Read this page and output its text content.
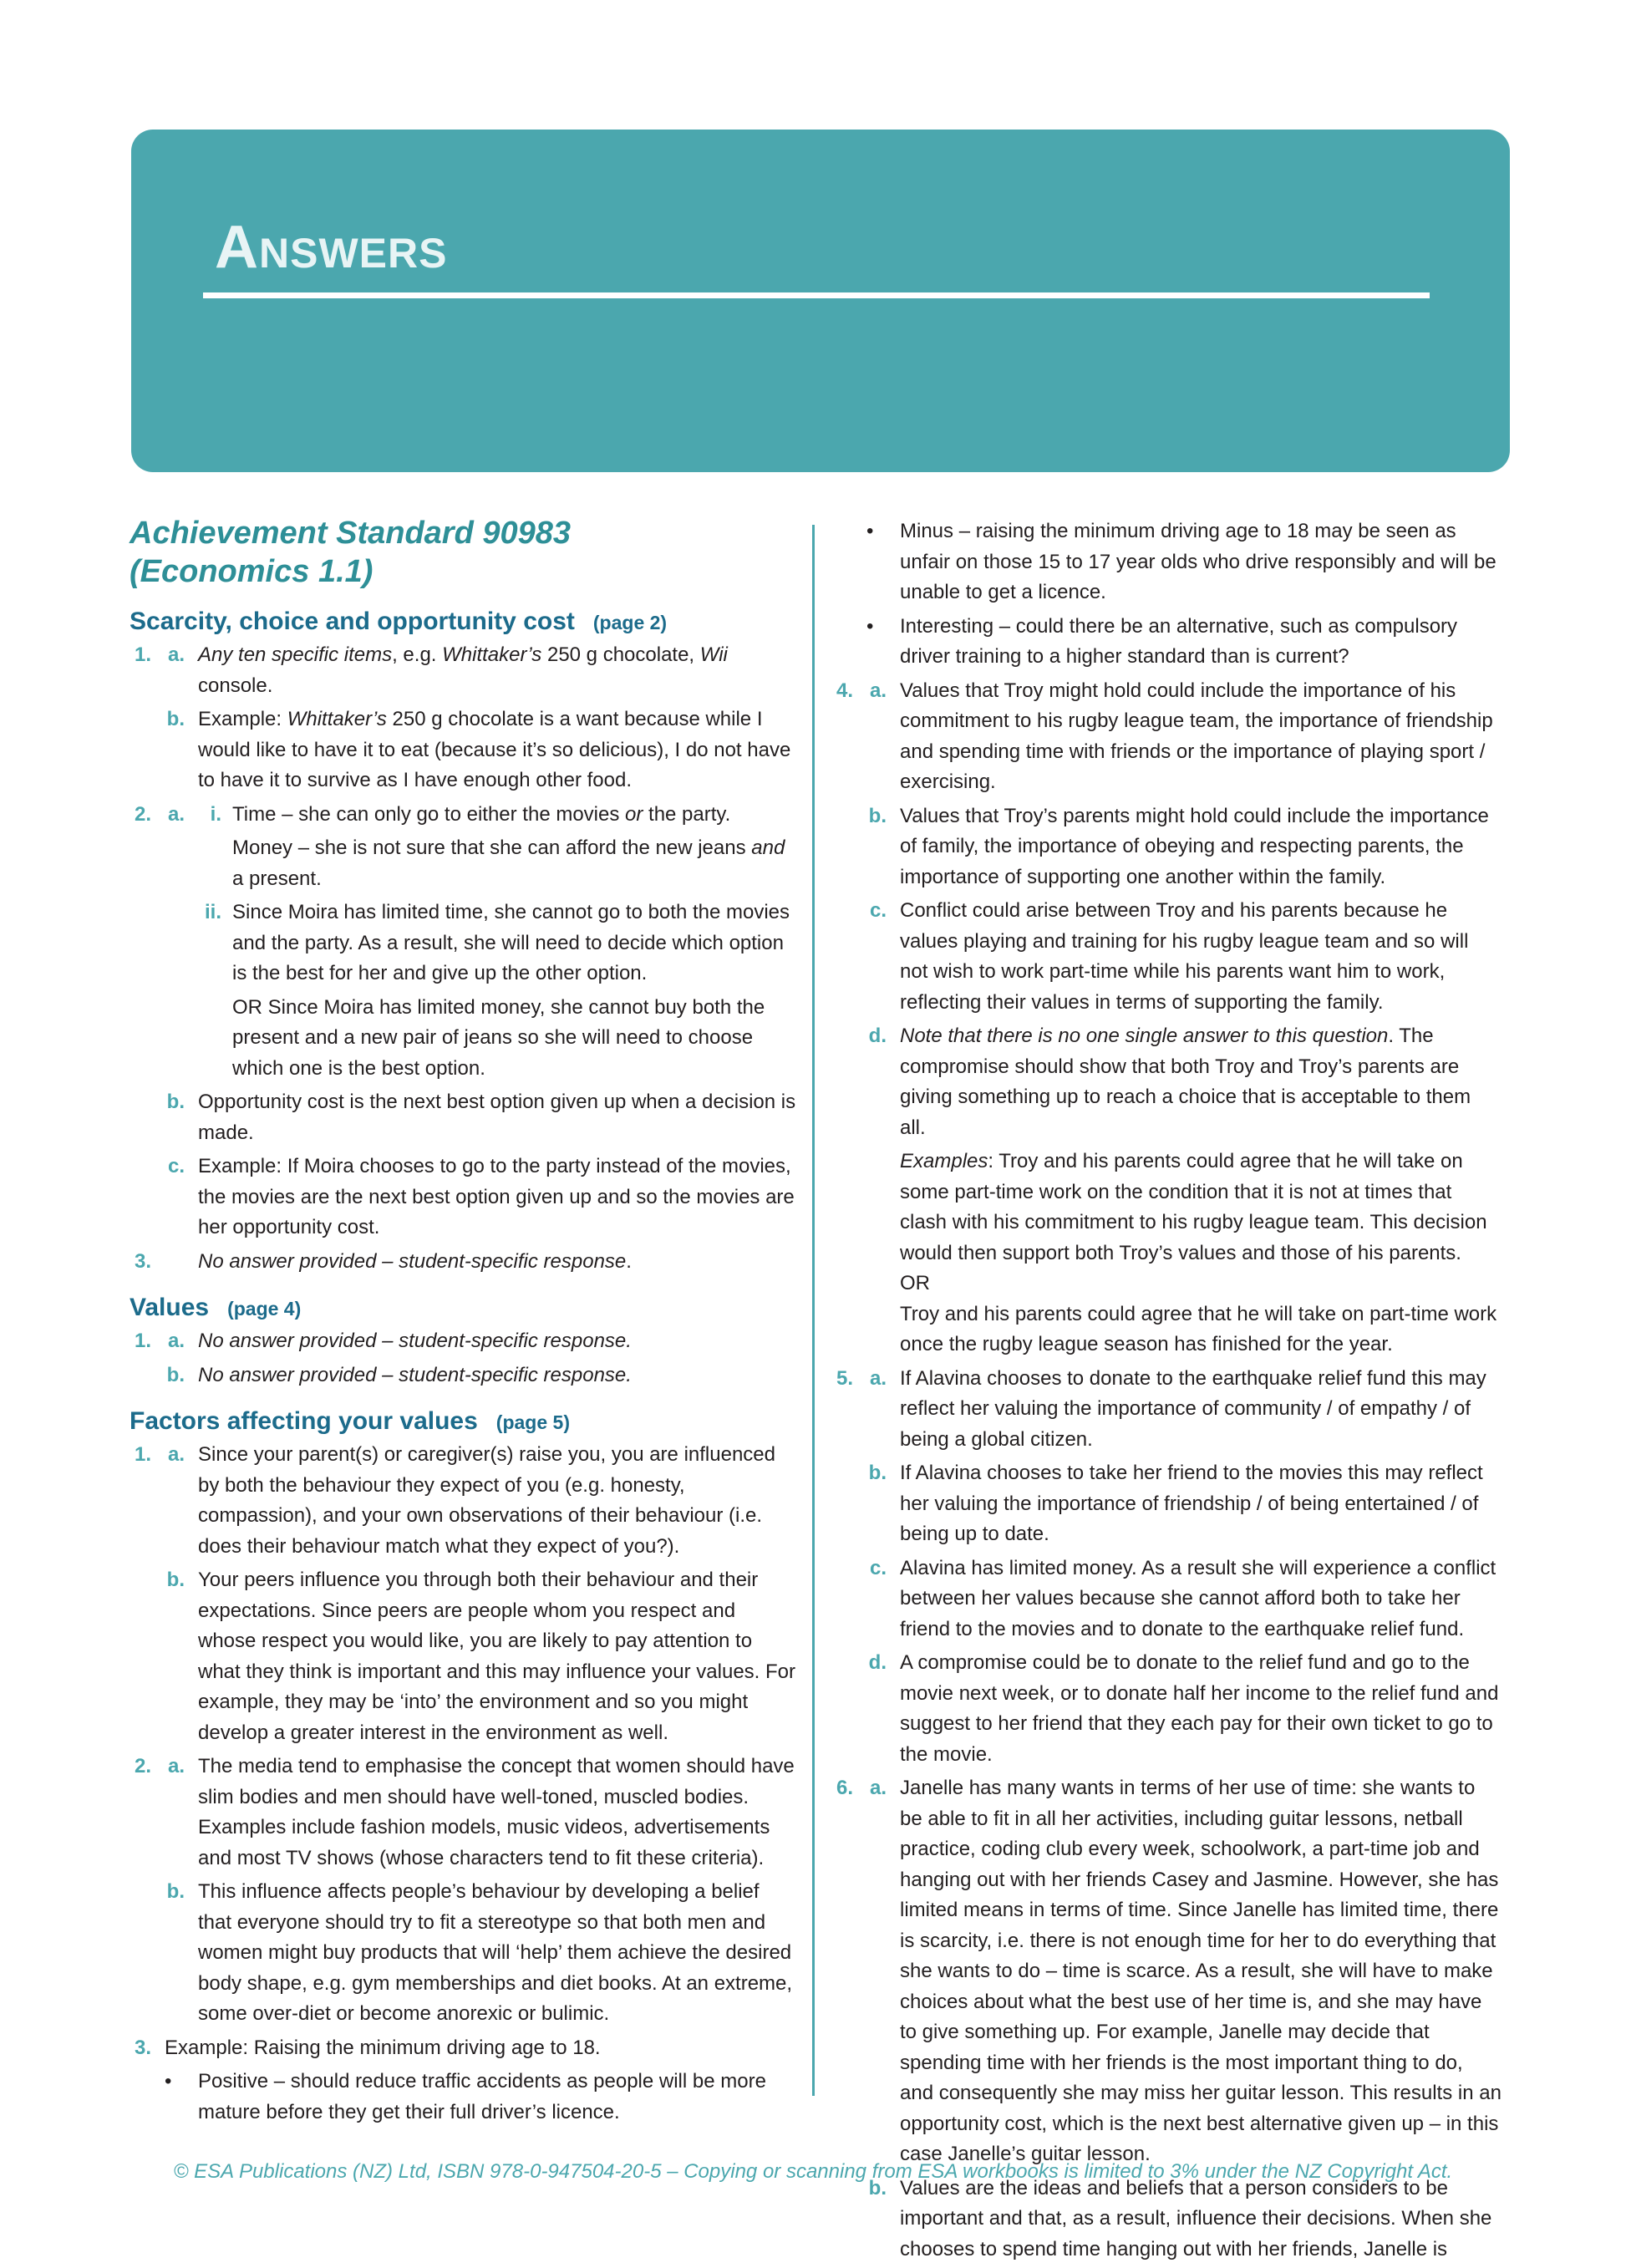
Answers
Achievement Standard 90983
(Economics 1.1)
Scarcity, choice and opportunity cost (page 2)
1. a. Any ten specific items, e.g. Whittaker’s 250 g chocolate, Wii console.
b. Example: Whittaker’s 250 g chocolate is a want because while I would like to have it to eat (because it’s so delicious), I do not have to have it to survive as I have enough other food.
2. a.	i. Time – she can only go to either the movies or the party.
Money – she is not sure that she can afford the new jeans and a present.
ii. Since Moira has limited time, she cannot go to both the movies and the party. As a result, she will need to decide which option is the best for her and give up the other option.
OR Since Moira has limited money, she cannot buy both the present and a new pair of jeans so she will need to choose which one is the best option.
b. Opportunity cost is the next best option given up when a decision is made.
c. Example: If Moira chooses to go to the party instead of the movies, the movies are the next best option given up and so the movies are her opportunity cost.
3. No answer provided – student-specific response.
Values (page 4)
1. a. No answer provided – student-specific response.
b. No answer provided – student-specific response.
Factors affecting your values (page 5)
1. a. Since your parent(s) or caregiver(s) raise you, you are influenced by both the behaviour they expect of you (e.g. honesty, compassion), and your own observations of their behaviour (i.e. does their behaviour match what they expect of you?).
b. Your peers influence you through both their behaviour and their expectations. Since peers are people whom you respect and whose respect you would like, you are likely to pay attention to what they think is important and this may influence your values. For example, they may be ‘into’ the environment and so you might develop a greater interest in the environment as well.
2. a. The media tend to emphasise the concept that women should have slim bodies and men should have well-toned, muscled bodies. Examples include fashion models, music videos, advertisements and most TV shows (whose characters tend to fit these criteria).
b. This influence affects people’s behaviour by developing a belief that everyone should try to fit a stereotype so that both men and women might buy products that will ‘help’ them achieve the desired body shape, e.g. gym memberships and diet books. At an extreme, some over-diet or become anorexic or bulimic.
3. Example: Raising the minimum driving age to 18.
• Positive – should reduce traffic accidents as people will be more mature before they get their full driver’s licence.
• Minus – raising the minimum driving age to 18 may be seen as unfair on those 15 to 17 year olds who drive responsibly and will be unable to get a licence.
• Interesting – could there be an alternative, such as compulsory driver training to a higher standard than is current?
4. a. Values that Troy might hold could include the importance of his commitment to his rugby league team, the importance of friendship and spending time with friends or the importance of playing sport / exercising.
b. Values that Troy’s parents might hold could include the importance of family, the importance of obeying and respecting parents, the importance of supporting one another within the family.
c. Conflict could arise between Troy and his parents because he values playing and training for his rugby league team and so will not wish to work part-time while his parents want him to work, reflecting their values in terms of supporting the family.
d. Note that there is no one single answer to this question. The compromise should show that both Troy and Troy’s parents are giving something up to reach a choice that is acceptable to them all.
Examples: Troy and his parents could agree that he will take on some part-time work on the condition that it is not at times that clash with his commitment to his rugby league team. This decision would then support both Troy’s values and those of his parents.
OR
Troy and his parents could agree that he will take on part-time work once the rugby league season has finished for the year.
5. a. If Alavina chooses to donate to the earthquake relief fund this may reflect her valuing the importance of community / of empathy / of being a global citizen.
b. If Alavina chooses to take her friend to the movies this may reflect her valuing the importance of friendship / of being entertained / of being up to date.
c. Alavina has limited money. As a result she will experience a conflict between her values because she cannot afford both to take her friend to the movies and to donate to the earthquake relief fund.
d. A compromise could be to donate to the relief fund and go to the movie next week, or to donate half her income to the relief fund and suggest to her friend that they each pay for their own ticket to go to the movie.
6. a. Janelle has many wants in terms of her use of time: she wants to be able to fit in all her activities, including guitar lessons, netball practice, coding club every week, schoolwork, a part-time job and hanging out with her friends Casey and Jasmine. However, she has limited means in terms of time. Since Janelle has limited time, there is scarcity, i.e. there is not enough time for her to do everything that she wants to do – time is scarce. As a result, she will have to make choices about what the best use of her time is, and she may have to give something up. For example, Janelle may decide that spending time with her friends is the most important thing to do, and consequently she may miss her guitar lesson. This results in an opportunity cost, which is the next best alternative given up – in this case Janelle’s guitar lesson.
b. Values are the ideas and beliefs that a person considers to be important and that, as a result, influence their decisions. When she chooses to spend time hanging out with her friends, Janelle is
© ESA Publications (NZ) Ltd, ISBN 978-0-947504-20-5 – Copying or scanning from ESA workbooks is limited to 3% under the NZ Copyright Act.
